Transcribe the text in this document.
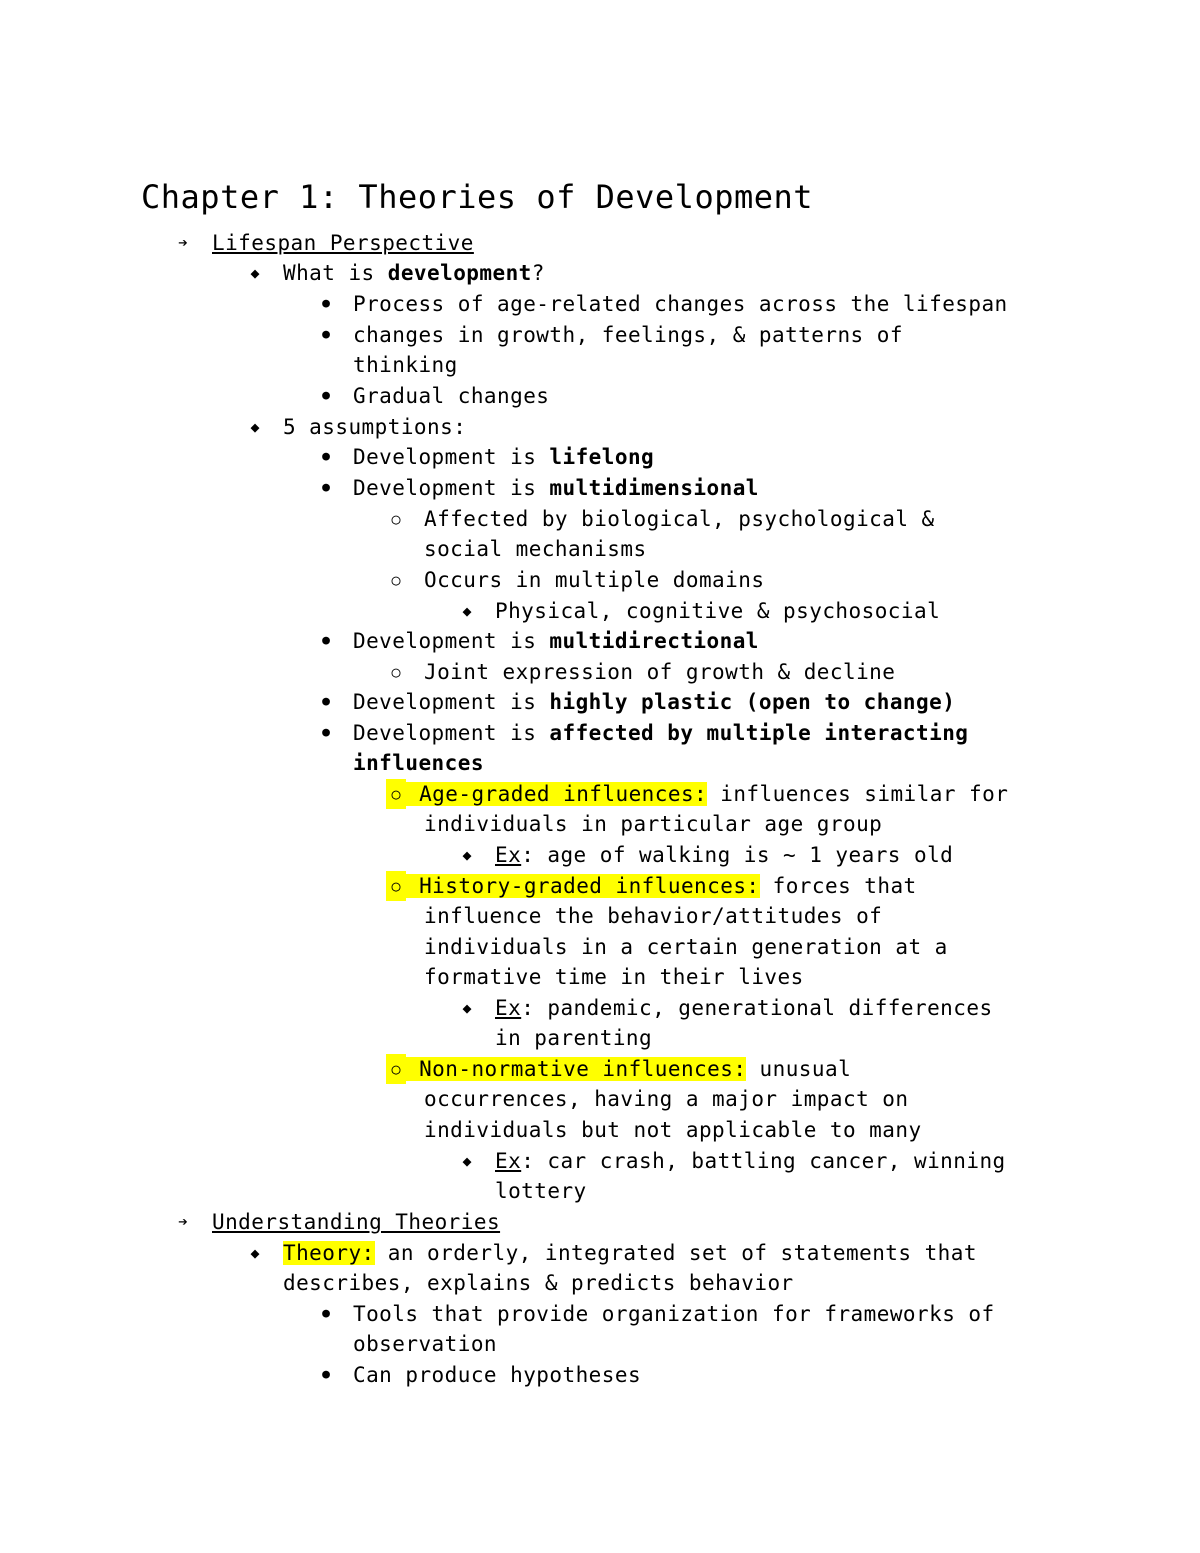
Chapter 1: Theories of Development
➔ Lifespan Perspective
◆ What is development?
● Process of age-related changes across the lifespan
● changes in growth, feelings, & patterns of
thinking
● Gradual changes
◆ 5 assumptions:
● Development is lifelong
● Development is multidimensional
○ Affected by biological, psychological &
social mechanisms
○ Occurs in multiple domains
◆ Physical, cognitive & psychosocial
● Development is multidirectional
○ Joint expression of growth & decline
● Development is highly plastic (open to change)
● Development is affected by multiple interacting
influences
○ Age-graded influences: influences similar for
individuals in particular age group
◆ Ex: age of walking is ~ 1 years old
○ History-graded influences: forces that
influence the behavior/attitudes of
individuals in a certain generation at a
formative time in their lives
◆ Ex: pandemic, generational differences
in parenting
○ Non-normative influences: unusual
occurrences, having a major impact on
individuals but not applicable to many
◆ Ex: car crash, battling cancer, winning
lottery
➔ Understanding Theories
◆ Theory: an orderly, integrated set of statements that
describes, explains & predicts behavior
● Tools that provide organization for frameworks of
observation
● Can produce hypotheses
